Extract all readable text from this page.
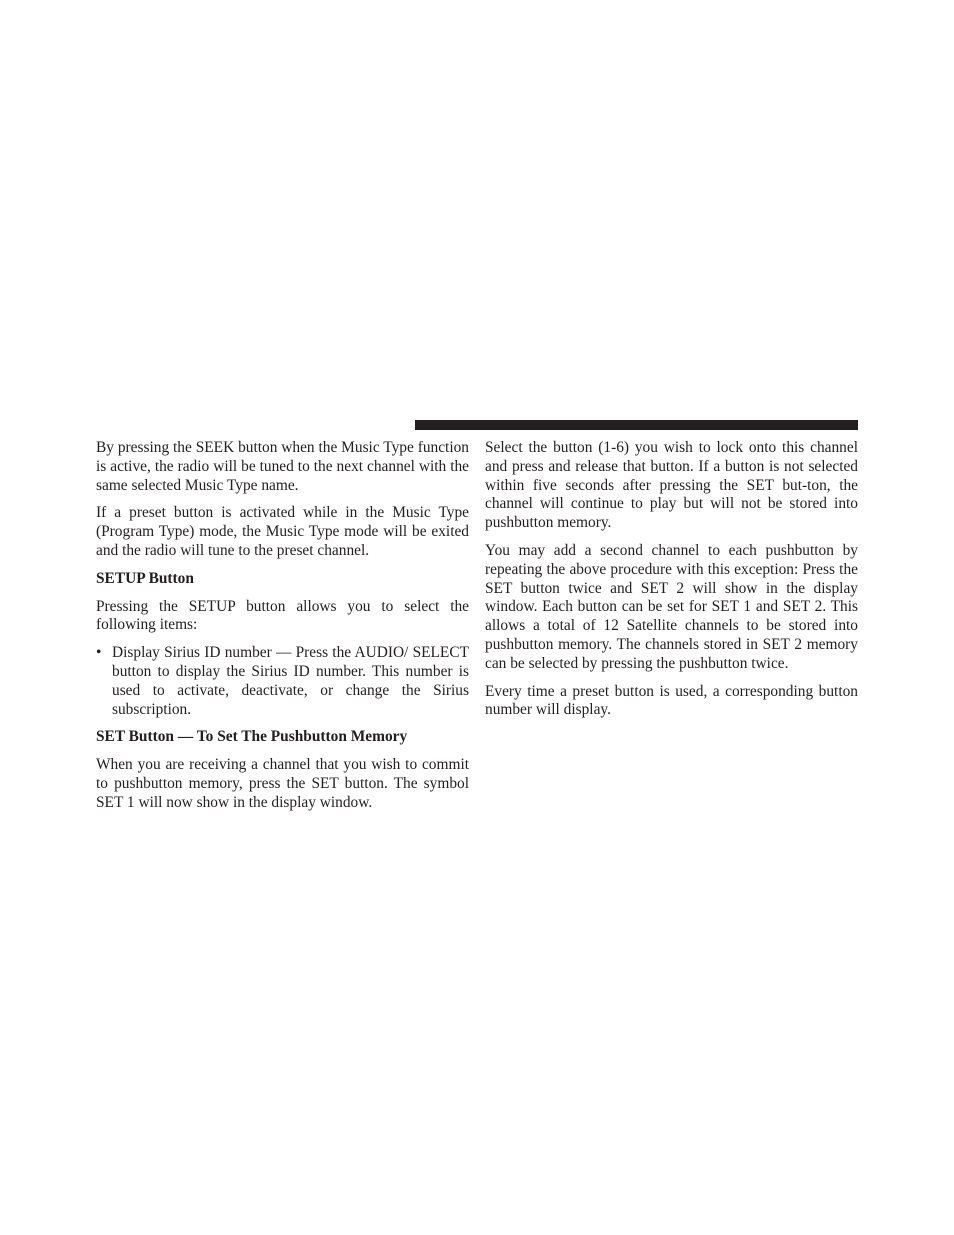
By pressing the SEEK button when the Music Type function is active, the radio will be tuned to the next channel with the same selected Music Type name.

If a preset button is activated while in the Music Type (Program Type) mode, the Music Type mode will be exited and the radio will tune to the preset channel.

SETUP Button

Pressing the SETUP button allows you to select the following items:

• Display Sirius ID number — Press the AUDIO/ SELECT button to display the Sirius ID number. This number is used to activate, deactivate, or change the Sirius subscription.
SET Button — To Set The Pushbutton Memory

When you are receiving a channel that you wish to commit to pushbutton memory, press the SET button. The symbol SET 1 will now show in the display window.

Select the button (1-6) you wish to lock onto this channel and press and release that button. If a button is not selected within five seconds after pressing the SET but-ton, the channel will continue to play but will not be stored into pushbutton memory.

You may add a second channel to each pushbutton by repeating the above procedure with this exception: Press the SET button twice and SET 2 will show in the display window. Each button can be set for SET 1 and SET 2. This allows a total of 12 Satellite channels to be stored into pushbutton memory. The channels stored in SET 2 memory can be selected by pressing the pushbutton twice.

Every time a preset button is used, a corresponding button number will display.
